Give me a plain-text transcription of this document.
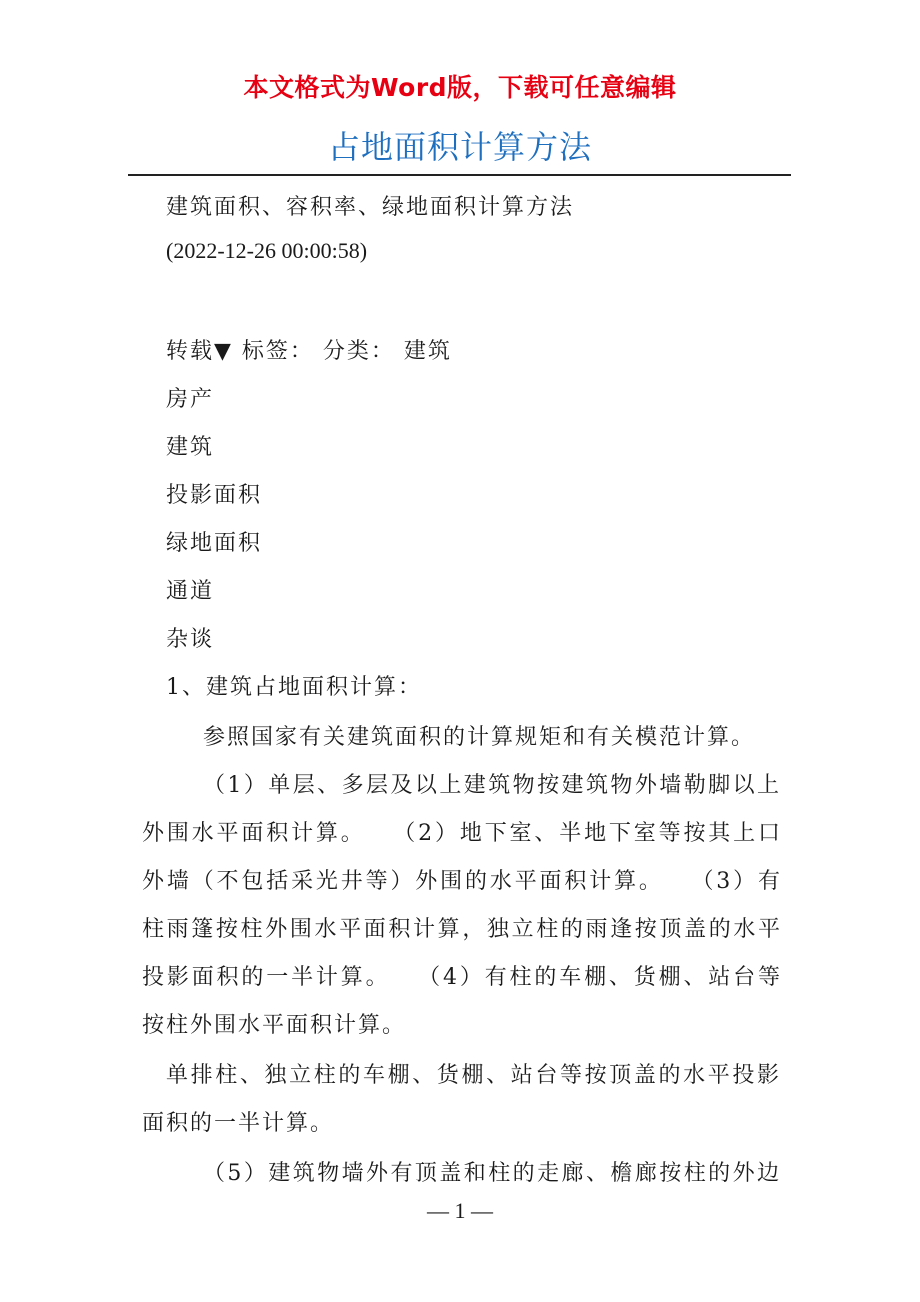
本文格式为Word版，下载可任意编辑
占地面积计算方法
建筑面积、容积率、绿地面积计算方法
(2022-12-26 00:00:58)
转载▼ 标签： 分类： 建筑
房产
建筑
投影面积
绿地面积
通道
杂谈
1、建筑占地面积计算：
参照国家有关建筑面积的计算规矩和有关模范计算。
（1）单层、多层及以上建筑物按建筑物外墙勒脚以上
外围水平面积计算。　　（2）地下室、半地下室等按其上口
外墙（不包括采光井等）外围的水平面积计算。　　（3）有
柱雨篷按柱外围水平面积计算，独立柱的雨逢按顶盖的水平
投影面积的一半计算。　　（4）有柱的车棚、货棚、站台等
按柱外围水平面积计算。
单排柱、独立柱的车棚、货棚、站台等按顶盖的水平投影
面积的一半计算。
（5）建筑物墙外有顶盖和柱的走廊、檐廊按柱的外边
— 1 —
